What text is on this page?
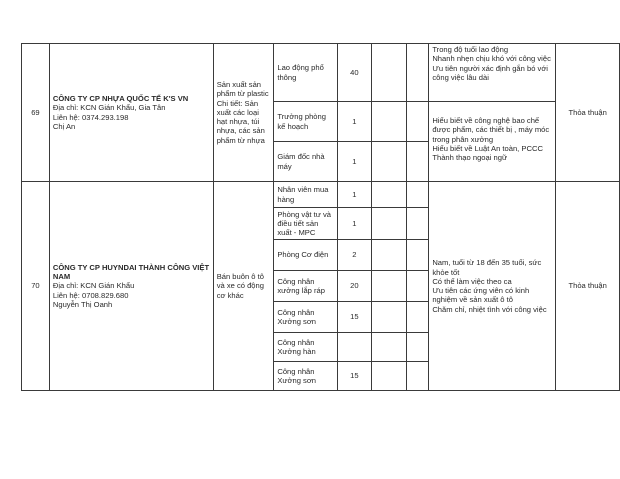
69	CÔNG TY CP NHỰA QUỐC TẾ K'S VN
Địa chỉ: KCN Gián Khẩu, Gia Tân
Liên hệ: 0374.293.198
Chị An	Sản xuất sản phẩm từ plastic
Chi tiết: Sản xuất các loại hạt nhựa, túi nhựa, các sản phẩm từ nhựa	Lao động phổ thông	40			Trong độ tuổi lao động
Nhanh nhẹn chịu khó với công việc
Ưu tiên người xác định gắn bó với công việc lâu dài	Thỏa thuận
			Trưởng phòng kế hoạch	1			Hiểu biết về công nghệ bao chế được phẩm, các thiết bị , máy móc trong phân xưởng
Hiểu biết về Luật An toàn, PCCC
Thành thạo ngoại ngữ	

			Giám đốc nhà máy	1				
70	CÔNG TY CP HUYNDAI THÀNH CÔNG VIỆT NAM
Địa chỉ: KCN Gián Khẩu
Liên hệ: 0708.829.680
Nguyễn Thị Oanh	Bán buôn ô tô và xe có động cơ khác	Nhân viên mua hàng	1			Nam, tuổi từ 18 đến 35 tuổi, sức khỏe tốt
Có thể làm việc theo ca
Ưu tiên các ứng viên có kinh nghiệm về sản xuất ô tô
Chăm chỉ, nhiệt tình với công việc	Thỏa thuận
			Phòng vật tư và điều tiết sản xuất - MPC	1				
			Phòng Cơ điện	2				
			Công nhân xưởng lắp ráp	20				
			Công nhân Xưởng sơn	15				
			Công nhân Xưởng hàn					
			Công nhân Xưởng sơn	15				
